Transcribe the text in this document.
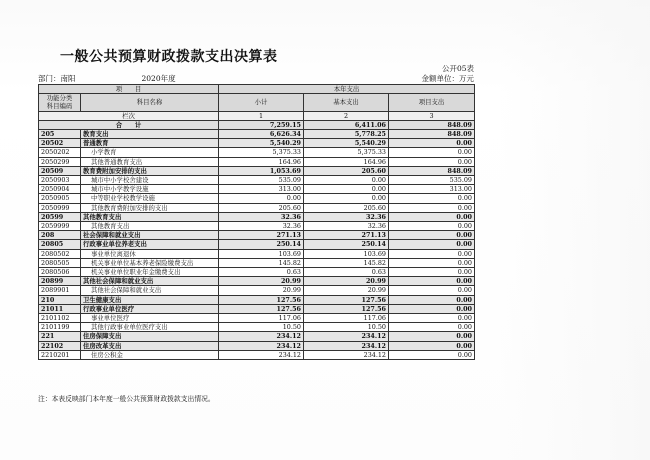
一般公共预算财政拨款支出决算表
公开05表
部门：南阳	2020年度	金额单位：万元
项　　目		本年支出		
功能分类
科目编码	科目名称	小计	基本支出	项目支出
栏次		1	2	3
合　　计		7,259.15	6,411.06	848.09
205	教育支出	6,626.34	5,778.25	848.09
20502	普通教育	5,540.29	5,540.29	0.00
2050202	小学教育	5,375.33	5,375.33	0.00
2050299	其他普通教育支出	164.96	164.96	0.00
20509	教育费附加安排的支出	1,053.69	205.60	848.09
2050903	城市中小学校舍建设	535.09	0.00	535.09
2050904	城市中小学教学设施	313.00	0.00	313.00
2050905	中等职业学校教学设施	0.00	0.00	0.00
2050999	其他教育费附加安排的支出	205.60	205.60	0.00
20599	其他教育支出	32.36	32.36	0.00
2059999	其他教育支出	32.36	32.36	0.00
208	社会保障和就业支出	271.13	271.13	0.00
20805	行政事业单位养老支出	250.14	250.14	0.00
2080502	事业单位离退休	103.69	103.69	0.00
2080505	机关事业单位基本养老保险缴费支出	145.82	145.82	0.00
2080506	机关事业单位职业年金缴费支出	0.63	0.63	0.00
20899	其他社会保障和就业支出	20.99	20.99	0.00
2089901	其他社会保障和就业支出	20.99	20.99	0.00
210	卫生健康支出	127.56	127.56	0.00
21011	行政事业单位医疗	127.56	127.56	0.00
2101102	事业单位医疗	117.06	117.06	0.00
2101199	其他行政事业单位医疗支出	10.50	10.50	0.00
221	住房保障支出	234.12	234.12	0.00
22102	住房改革支出	234.12	234.12	0.00
2210201	住房公积金	234.12	234.12	0.00
注：本表反映部门本年度一般公共预算财政拨款支出情况。
